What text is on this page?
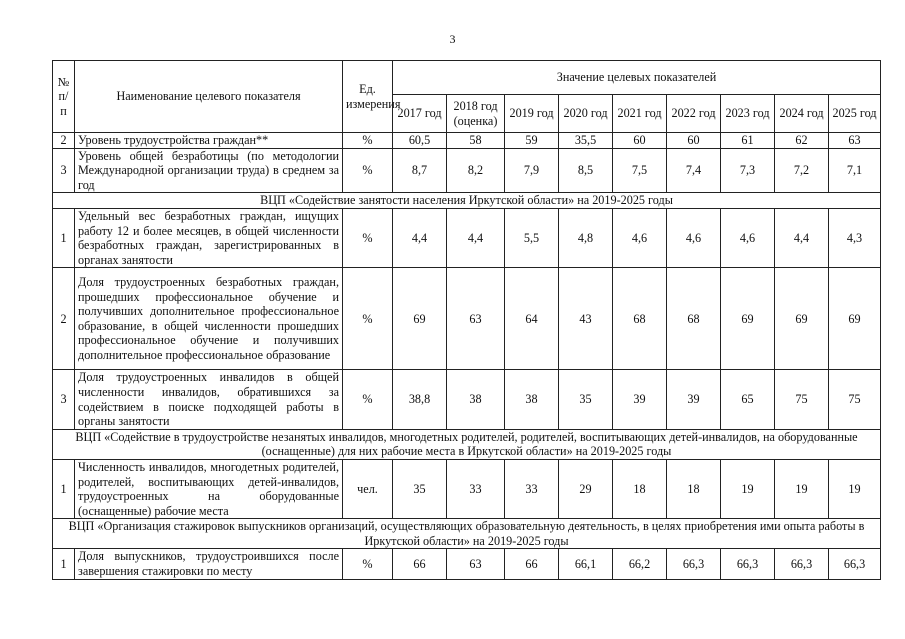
3
№ п/п	Наименование целевого показателя	Ед. измерения	Значение целевых показателей								
			2017 год	2018 год (оценка)	2019 год	2020 год	2021 год	2022 год	2023 год	2024 год	2025 год
2	Уровень трудоустройства граждан**	%	60,5	58	59	35,5	60	60	61	62	63
3	Уровень общей безработицы (по методологии Международной организации труда) в среднем за год	%	8,7	8,2	7,9	8,5	7,5	7,4	7,3	7,2	7,1
ВЦП «Содействие занятости населения Иркутской области» на 2019-2025 годы											
1	Удельный вес безработных граждан, ищущих работу 12 и более месяцев, в общей численности безработных граждан, зарегистрированных в органах занятости	%	4,4	4,4	5,5	4,8	4,6	4,6	4,6	4,4	4,3
2	Доля трудоустроенных безработных граждан, прошедших профессиональное обучение и получивших дополнительное профессиональное образование, в общей численности прошедших профессиональное обучение и получивших дополнительное профессиональное образование	%	69	63	64	43	68	68	69	69	69
3	Доля трудоустроенных инвалидов в общей численности инвалидов, обратившихся за содействием в поиске подходящей работы в органы занятости	%	38,8	38	38	35	39	39	65	75	75
ВЦП «Содействие в трудоустройстве незанятых инвалидов, многодетных родителей, родителей, воспитывающих детей-инвалидов, на оборудованные (оснащенные) для них рабочие места в Иркутской области» на 2019-2025 годы											
1	Численность инвалидов, многодетных родителей, родителей, воспитывающих детей-инвалидов, трудоустроенных на оборудованные (оснащенные) рабочие места	чел.	35	33	33	29	18	18	19	19	19
ВЦП «Организация стажировок выпускников организаций, осуществляющих образовательную деятельность, в целях приобретения ими опыта работы в Иркутской области» на 2019-2025 годы											
1	Доля выпускников, трудоустроившихся после завершения стажировки по месту	%	66	63	66	66,1	66,2	66,3	66,3	66,3	66,3
